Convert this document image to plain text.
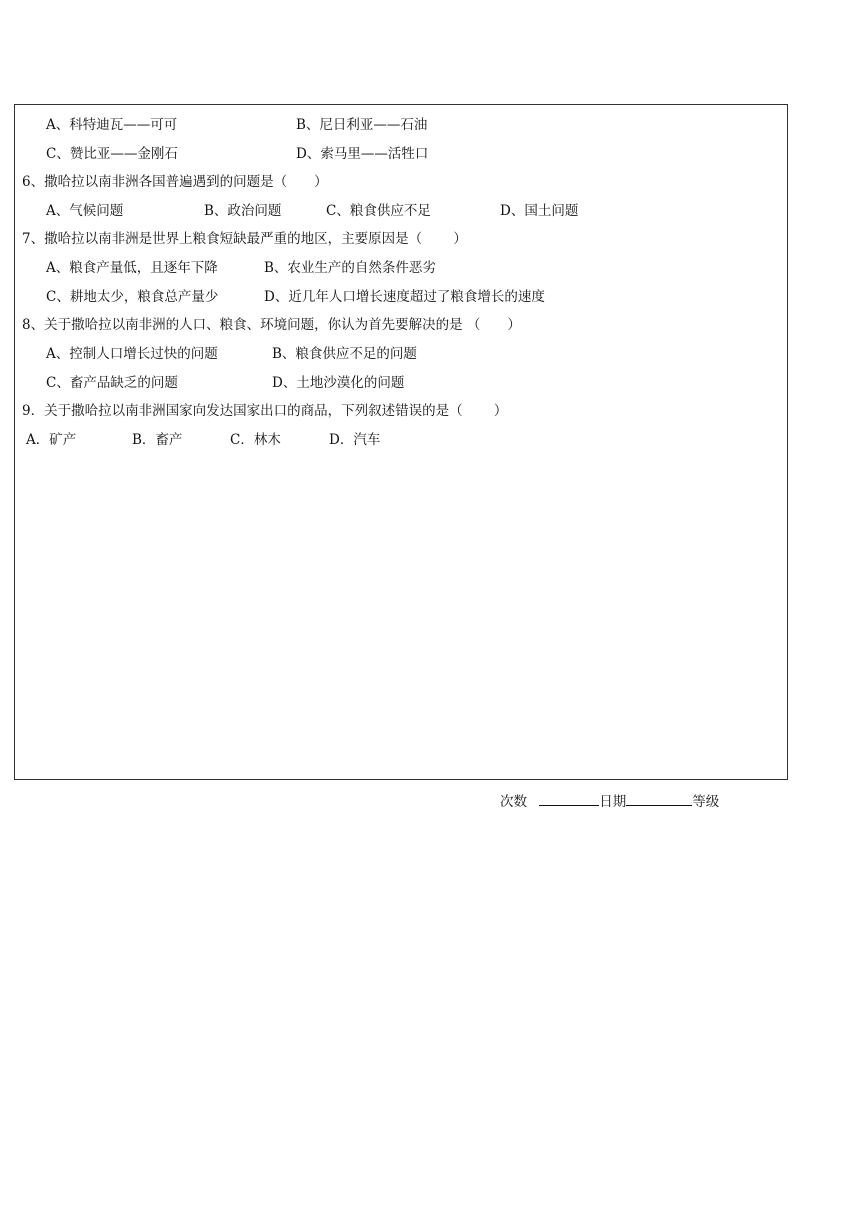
A、科特迪瓦——可可	B、尼日利亚——石油
C、赞比亚——金刚石	D、索马里——活牲口
6、撒哈拉以南非洲各国普遍遇到的问题是（　　）
A、气候问题	B、政治问题	C、粮食供应不足	D、国土问题
7、撒哈拉以南非洲是世界上粮食短缺最严重的地区，主要原因是（　　 ）
A、粮食产量低，且逐年下降	B、农业生产的自然条件恶劣
C、耕地太少，粮食总产量少	D、近几年人口增长速度超过了粮食增长的速度
8、关于撒哈拉以南非洲的人口、粮食、环境问题，你认为首先要解决的是 （　　）
A、控制人口增长过快的问题	B、粮食供应不足的问题
C、畜产品缺乏的问题	D、土地沙漠化的问题
9．关于撒哈拉以南非洲国家向发达国家出口的商品，下列叙述错误的是（　　 ）
A．矿产	B．畜产	C．林木	D．汽车
次数	日期	等级
